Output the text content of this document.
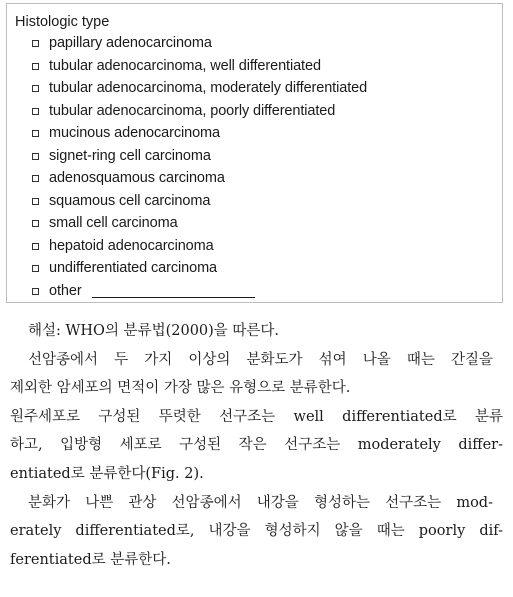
Histologic type
papillary adenocarcinoma
tubular adenocarcinoma, well differentiated
tubular adenocarcinoma, moderately differentiated
tubular adenocarcinoma, poorly differentiated
mucinous adenocarcinoma
signet-ring cell carcinoma
adenosquamous carcinoma
squamous cell carcinoma
small cell carcinoma
hepatoid adenocarcinoma
undifferentiated carcinoma
other
해설: WHO의 분류법(2000)을 따른다.
선암종에서 두 가지 이상의 분화도가 섞여 나올 때는 간질을
제외한 암세포의 면적이 가장 많은 유형으로 분류한다.
원주세포로 구성된 뚜렷한 선구조는 well differentiated로 분류
하고, 입방형 세포로 구성된 작은 선구조는 moderately differ-
entiated로 분류한다(Fig. 2).
분화가 나쁜 관상 선암종에서 내강을 형성하는 선구조는 mod-
erately differentiated로, 내강을 형성하지 않을 때는 poorly dif-
ferentiated로 분류한다.
